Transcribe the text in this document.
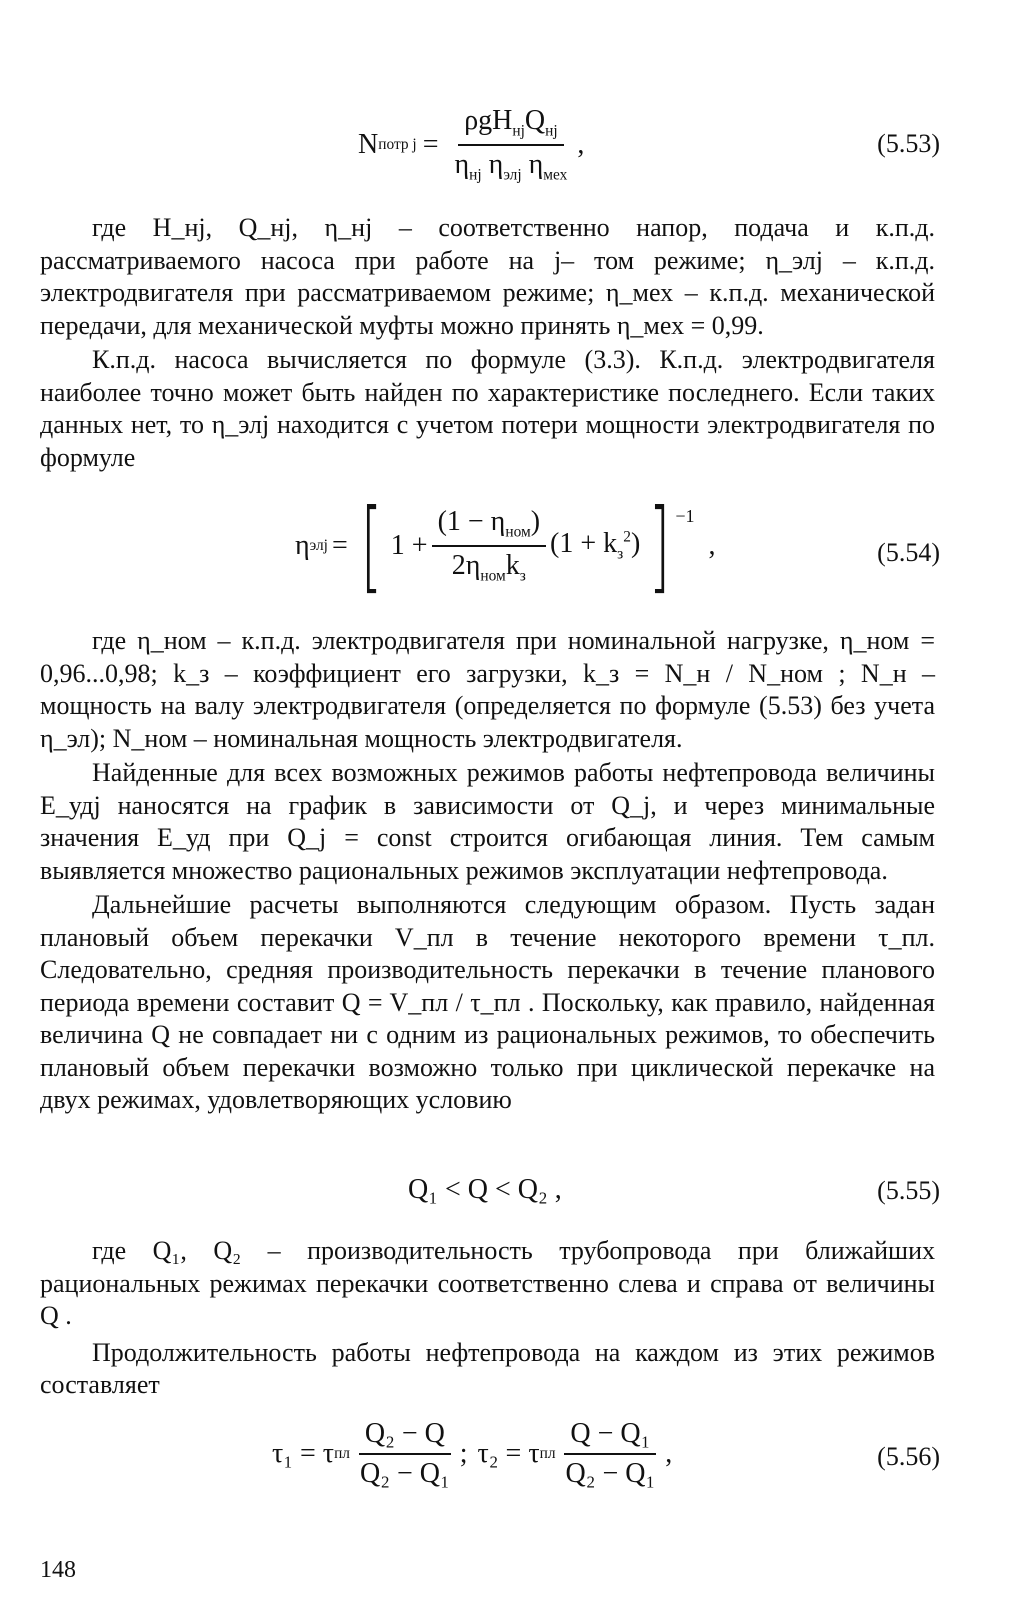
N потр $j = \frac{\rho gH_{нj}Q_{нj}}{\eta_{нj} \eta_{элj} \eta_{мех}}$ ,	(5.53)

где H_нj, Q_нj, η_нj – соответственно напор, подача и к.п.д. рассматриваемого насоса при работе на j– том режиме; η_элj – к.п.д. электродвигателя при рассматриваемом режиме; η_мех – к.п.д. механической передачи, для механической муфты можно принять η_мех = 0,99.

К.п.д. насоса вычисляется по формуле (3.3). К.п.д. электродвигателя наиболее точно может быть найден по характеристике последнего. Если таких данных нет, то η_элj находится с учетом потери мощности электродвигателя по формуле

η элj = [ $1 + \frac{(1 - \eta_{ном})}{2\eta_{ном}k_з} (1 + k_з^2)$ ] $^{-1}$
,	(5.54)

где η_ном – к.п.д. электродвигателя при номинальной нагрузке, η_ном = 0,96...0,98; k_з – коэффициент его загрузки, k_з = N_н / N_ном ; N_н – мощность на валу электродвигателя (определяется по формуле (5.53) без учета η_эл); N_ном – номинальная мощность электродвигателя.

Найденные для всех возможных режимов работы нефтепровода величины E_удj наносятся на график в зависимости от Q_j, и через минимальные значения E_уд при Q_j = const строится огибающая линия. Тем самым выявляется множество рациональных режимов эксплуатации нефтепровода.

Дальнейшие расчеты выполняются следующим образом. Пусть задан плановый объем перекачки V_пл в течение некоторого времени τ_пл. Следовательно, средняя производительность перекачки в течение планового периода времени составит Q = V_пл / τ_пл . Поскольку, как правило, найденная величина Q не совпадает ни с одним из рациональных режимов, то обеспечить плановый объем перекачки возможно только при циклической перекачке на двух режимах, удовлетворяющих условию

Q₁ < Q < Q₂ ,	(5.55)

где Q₁, Q₂ – производительность трубопровода при ближайших рациональных режимах перекачки соответственно слева и справа от величины Q .

Продолжительность работы нефтепровода на каждом из этих режимов составляет

τ₁ = τ пл $\frac{\text{Q₂ − Q}}{\text{Q₂ − Q₁}}$ ; τ₂ = τ пл $\frac{\text{Q − Q₁}}{\text{Q₂ − Q₁}}$ ,	(5.56)
148
